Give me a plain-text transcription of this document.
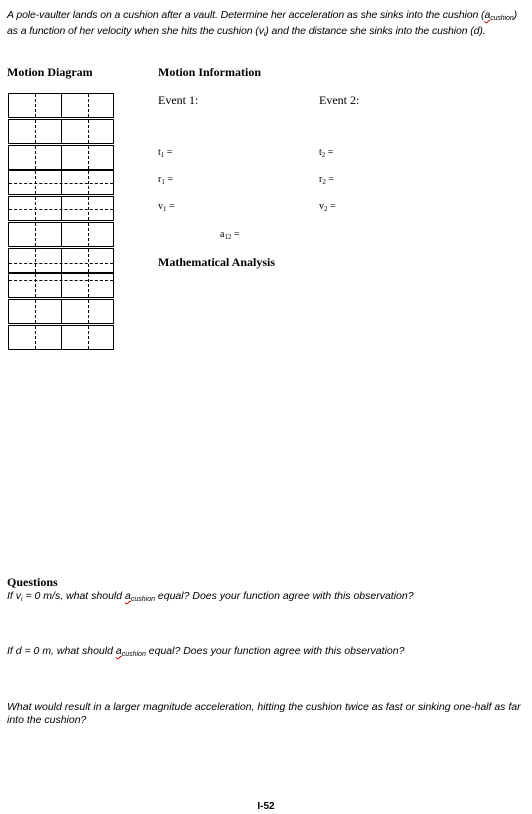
A pole-vaulter lands on a cushion after a vault. Determine her acceleration as she sinks into the cushion $(a_{cushion})$ as a function of her velocity when she hits the cushion $(v_i)$ and the distance she sinks into the cushion (d).
Motion Diagram	Motion Information
Event 1:	Event 2:
$t_1$ =
$r_1$ =
$v_1$ =
$t_2$ =
$r_2$ =
$v_2$ =
$a_{12}$ =
Mathematical Analysis
Questions
If $v_i = 0$ m/s, what should $a_{cushion}$ equal? Does your function agree with this observation?
If d = 0 m, what should $a_{cushion}$ equal? Does your function agree with this observation?
What would result in a larger magnitude acceleration, hitting the cushion twice as fast or sinking one-half as far into the cushion?
I-52
